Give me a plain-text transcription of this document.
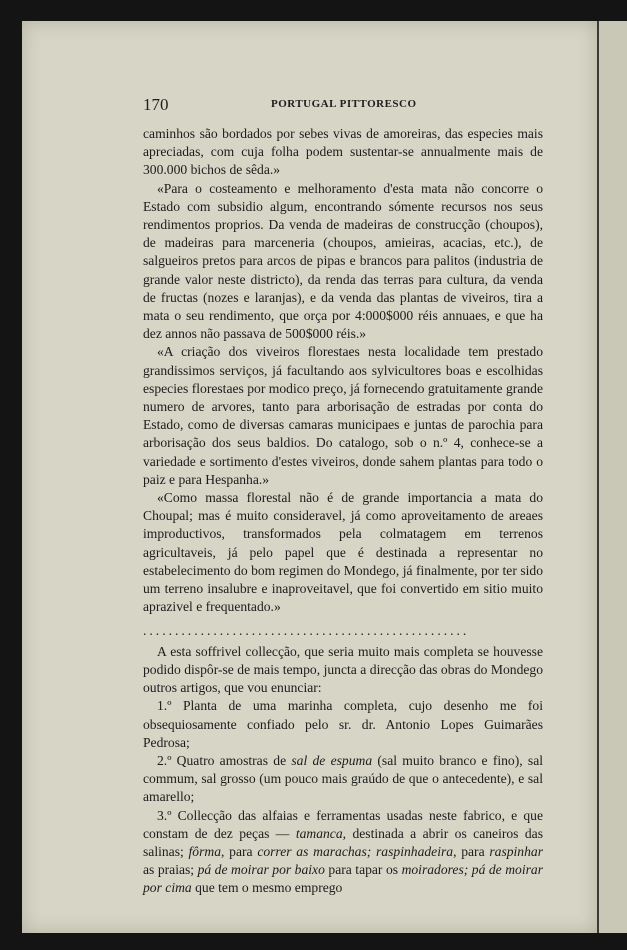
170	PORTUGAL PITTORESCO

caminhos são bordados por sebes vivas de amoreiras, das especies mais apreciadas, com cuja folha podem sustentar-se annualmente mais de 300.000 bichos de sêda.»

«Para o costeamento e melhoramento d'esta mata não concorre o Estado com subsidio algum, encontrando sómente recursos nos seus rendimentos proprios. Da venda de madeiras de construcção (choupos), de madeiras para marceneria (choupos, amieiras, acacias, etc.), de salgueiros pretos para arcos de pipas e brancos para palitos (industria de grande valor neste districto), da renda das terras para cultura, da venda de fructas (nozes e laranjas), e da venda das plantas de viveiros, tira a mata o seu rendimento, que orça por 4:000$000 réis annuaes, e que ha dez annos não passava de 500$000 réis.»

«A criação dos viveiros florestaes nesta localidade tem prestado grandissimos serviços, já facultando aos sylvicultores boas e escolhidas especies florestaes por modico preço, já fornecendo gratuitamente grande numero de arvores, tanto para arborisação de estradas por conta do Estado, como de diversas camaras municipaes e juntas de parochia para arborisação dos seus baldios. Do catalogo, sob o n.º 4, conhece-se a variedade e sortimento d'estes viveiros, donde sahem plantas para todo o paiz e para Hespanha.»

«Como massa florestal não é de grande importancia a mata do Choupal; mas é muito consideravel, já como aproveitamento de areaes improductivos, transformados pela colmatagem em terrenos agricultaveis, já pelo papel que é destinada a representar no estabelecimento do bom regimen do Mondego, já finalmente, por ter sido um terreno insalubre e inaproveitavel, que foi convertido em sitio muito aprazivel e frequentado.»

...................................................

A esta soffrivel collecção, que seria muito mais completa se houvesse podido dispôr-se de mais tempo, juncta a direcção das obras do Mondego outros artigos, que vou enunciar:

1.º Planta de uma marinha completa, cujo desenho me foi obsequiosamente confiado pelo sr. dr. Antonio Lopes Guimarães Pedrosa;

2.º Quatro amostras de sal de espuma (sal muito branco e fino), sal commum, sal grosso (um pouco mais graúdo de que o antecedente), e sal amarello;

3.º Collecção das alfaias e ferramentas usadas neste fabrico, e que constam de dez peças — tamanca, destinada a abrir os caneiros das salinas; fôrma, para correr as marachas; raspinhadeira, para raspinhar as praias; pá de moirar por baixo para tapar os moiradores; pá de moirar por cima que tem o mesmo emprego
